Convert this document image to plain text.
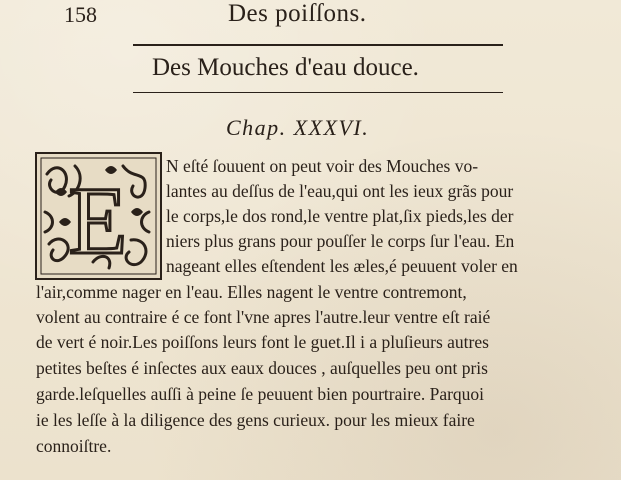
158	Des poiſſons.
Des Mouches d'eau douce.
Chap. XXXVI.
E
N eſté ſouuent on peut voir des Mouches vo-
lantes au deſſus de l'eau,qui ont les ieux grãs pour
le corps,le dos rond,le ventre plat,ſix pieds,les der
niers plus grans pour pouſſer le corps ſur l'eau. En
nageant elles eſtendent les æles,é peuuent voler en
l'air,comme nager en l'eau. Elles nagent le ventre contremont,
volent au contraire é ce font l'vne apres l'autre.leur ventre eſt raié
de vert é noir.Les poiſſons leurs font le guet.Il i a pluſieurs autres
petites beſtes é inſectes aux eaux douces , auſquelles peu ont pris
garde.leſquelles auſſi à peine ſe peuuent bien pourtraire. Parquoi
ie les leſſe à la diligence des gens curieux. pour les mieux faire
connoiſtre.
